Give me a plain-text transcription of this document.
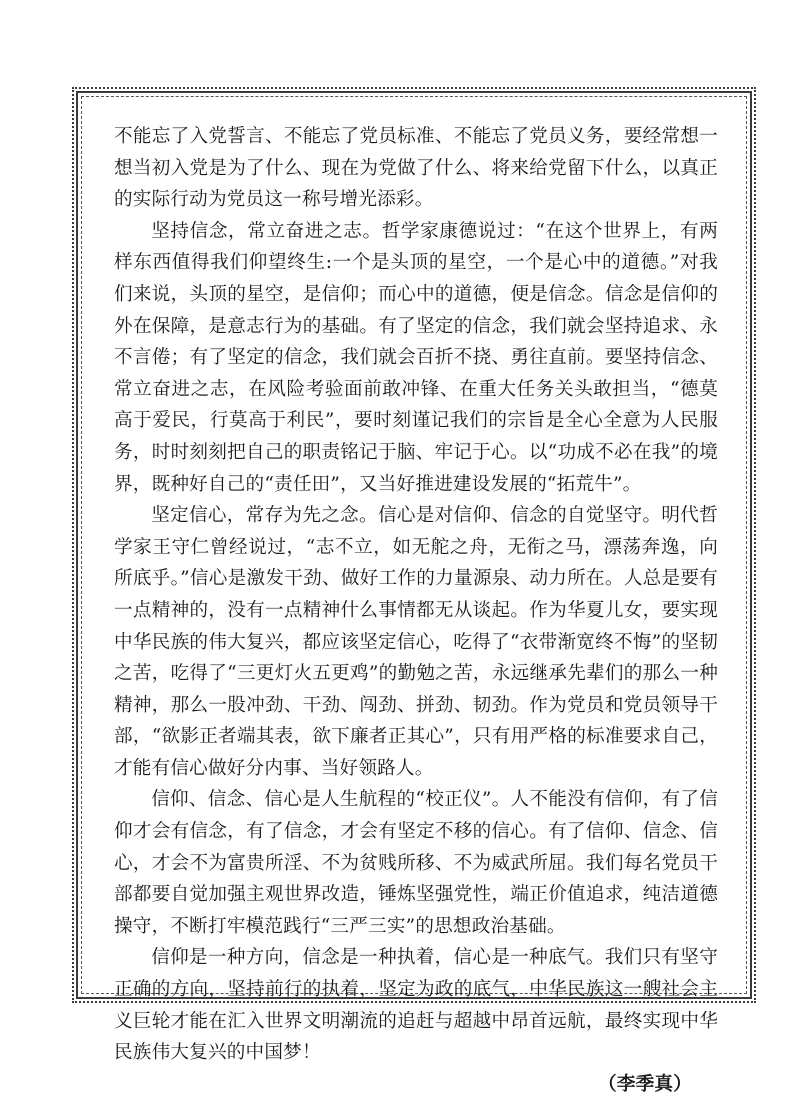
不能忘了入党誓言、不能忘了党员标准、不能忘了党员义务，要经常想一想当初入党是为了什么、现在为党做了什么、将来给党留下什么，以真正的实际行动为党员这一称号增光添彩。

坚持信念，常立奋进之志。哲学家康德说过：“在这个世界上，有两样东西值得我们仰望终生:一个是头顶的星空，一个是心中的道德。”对我们来说，头顶的星空，是信仰；而心中的道德，便是信念。信念是信仰的外在保障，是意志行为的基础。有了坚定的信念，我们就会坚持追求、永不言倦；有了坚定的信念，我们就会百折不挠、勇往直前。要坚持信念、常立奋进之志，在风险考验面前敢冲锋、在重大任务关头敢担当，“德莫高于爱民，行莫高于利民”，要时刻谨记我们的宗旨是全心全意为人民服务，时时刻刻把自己的职责铭记于脑、牢记于心。以“功成不必在我”的境界，既种好自己的“责任田”，又当好推进建设发展的“拓荒牛”。

坚定信心，常存为先之念。信心是对信仰、信念的自觉坚守。明代哲学家王守仁曾经说过，“志不立，如无舵之舟，无衔之马，漂荡奔逸，向所底乎。”信心是激发干劲、做好工作的力量源泉、动力所在。人总是要有一点精神的，没有一点精神什么事情都无从谈起。作为华夏儿女，要实现中华民族的伟大复兴，都应该坚定信心，吃得了“衣带渐宽终不悔”的坚韧之苦，吃得了“三更灯火五更鸡”的勤勉之苦，永远继承先辈们的那么一种精神，那么一股冲劲、干劲、闯劲、拼劲、韧劲。作为党员和党员领导干部，“欲影正者端其表，欲下廉者正其心”，只有用严格的标准要求自己，才能有信心做好分内事、当好领路人。

信仰、信念、信心是人生航程的“校正仪”。人不能没有信仰，有了信仰才会有信念，有了信念，才会有坚定不移的信心。有了信仰、信念、信心，才会不为富贵所淫、不为贫贱所移、不为威武所屈。我们每名党员干部都要自觉加强主观世界改造，锤炼坚强党性，端正价值追求，纯洁道德操守，不断打牢模范践行“三严三实”的思想政治基础。

信仰是一种方向，信念是一种执着，信心是一种底气。我们只有坚守正确的方向，坚持前行的执着，坚定为政的底气，中华民族这一艘社会主义巨轮才能在汇入世界文明潮流的追赶与超越中昂首远航，最终实现中华民族伟大复兴的中国梦！

（李季真）
